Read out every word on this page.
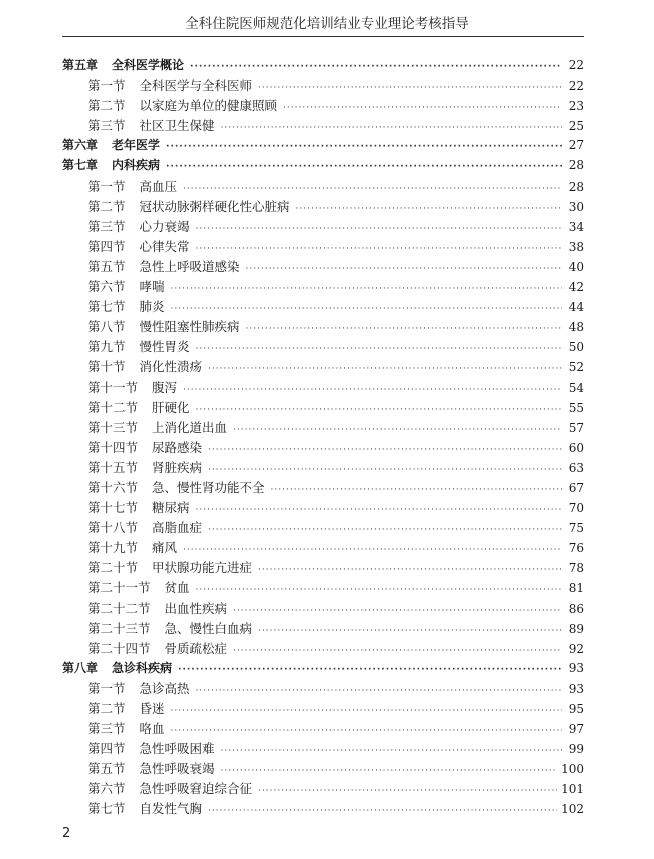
全科住院医师规范化培训结业专业理论考核指导
第五章	全科医学概论 ·····	22
第一节	全科医学与全科医师 ·····	22
第二节	以家庭为单位的健康照顾 ·····	23
第三节	社区卫生保健 ·····	25
第六章	老年医学 ·····	27
第七章	内科疾病 ·····	28
第一节	高血压 ·····	28
第二节	冠状动脉粥样硬化性心脏病 ·····	30
第三节	心力衰竭 ·····	34
第四节	心律失常 ·····	38
第五节	急性上呼吸道感染 ·····	40
第六节	哮喘 ·····	42
第七节	肺炎 ·····	44
第八节	慢性阻塞性肺疾病 ·····	48
第九节	慢性胃炎 ·····	50
第十节	消化性溃疡 ·····	52
第十一节	腹泻 ·····	54
第十二节	肝硬化 ·····	55
第十三节	上消化道出血 ·····	57
第十四节	尿路感染 ·····	60
第十五节	肾脏疾病 ·····	63
第十六节	急、慢性肾功能不全 ·····	67
第十七节	糖尿病 ·····	70
第十八节	高脂血症 ·····	75
第十九节	痛风 ·····	76
第二十节	甲状腺功能亢进症 ·····	78
第二十一节	贫血 ·····	81
第二十二节	出血性疾病 ·····	86
第二十三节	急、慢性白血病 ·····	89
第二十四节	骨质疏松症 ·····	92
第八章	急诊科疾病 ·····	93
第一节	急诊高热 ·····	93
第二节	昏迷 ·····	95
第三节	咯血 ·····	97
第四节	急性呼吸困难 ·····	99
第五节	急性呼吸衰竭 ·····	100
第六节	急性呼吸窘迫综合征 ·····	101
第七节	自发性气胸 ·····	102
2
